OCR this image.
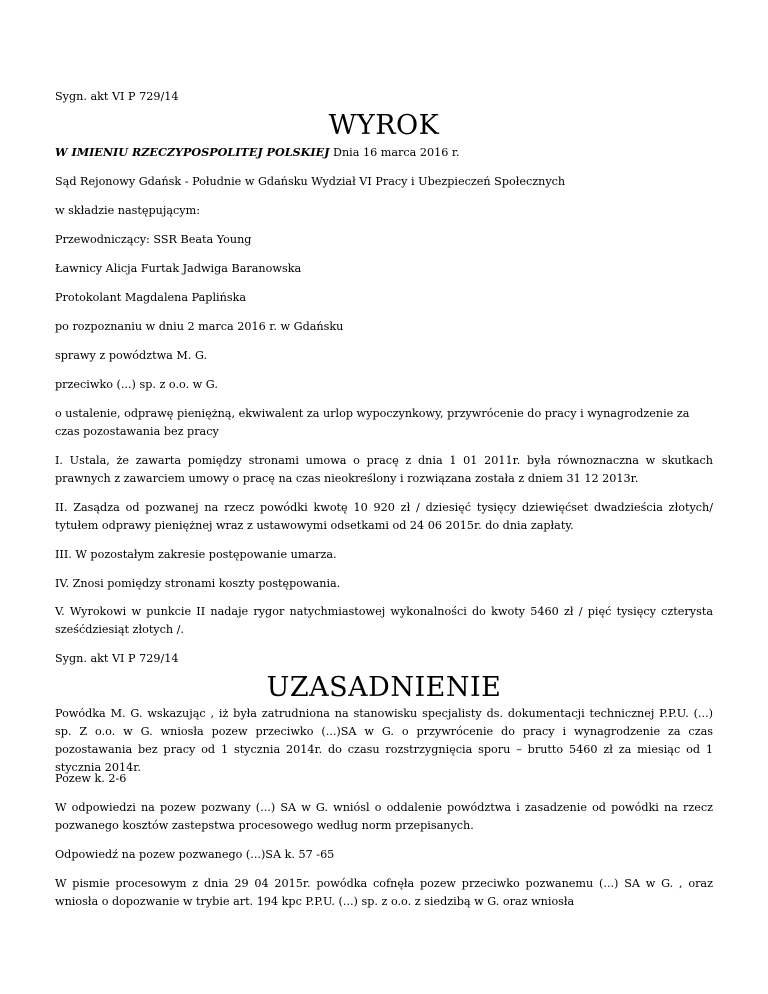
Sygn. akt VI P 729/14

WYROK

W IMIENIU RZECZYPOSPOLITEJ POLSKIEJ Dnia 16 marca 2016 r.

Sąd Rejonowy Gdańsk - Południe w Gdańsku Wydział VI Pracy i Ubezpieczeń Społecznych

w składzie następującym:

Przewodniczący: SSR Beata Young

Ławnicy Alicja Furtak Jadwiga Baranowska

Protokolant Magdalena Paplińska

po rozpoznaniu w dniu 2 marca 2016 r. w Gdańsku

sprawy z powództwa M. G.

przeciwko (...) sp. z o.o. w G.

o ustalenie, odprawę pieniężną, ekwiwalent za urlop wypoczynkowy, przywrócenie do pracy i wynagrodzenie za czas pozostawania bez pracy

I. Ustala, że zawarta pomiędzy stronami umowa o pracę z dnia 1 01 2011r. była równoznaczna w skutkach prawnych z zawarciem umowy o pracę na czas nieokreślony i rozwiązana została z dniem 31 12 2013r.

II. Zasądza od pozwanej na rzecz powódki kwotę 10 920 zł / dziesięć tysięcy dziewięćset dwadzieścia złotych/ tytułem odprawy pieniężnej wraz z ustawowymi odsetkami od 24 06 2015r. do dnia zapłaty.

III. W pozostałym zakresie postępowanie umarza.

IV. Znosi pomiędzy stronami koszty postępowania.

V. Wyrokowi w punkcie II nadaje rygor natychmiastowej wykonalności do kwoty 5460 zł / pięć tysięcy czterysta sześćdziesiąt złotych /.

Sygn. akt VI P 729/14

UZASADNIENIE

Powódka M. G. wskazując , iż była zatrudniona na stanowisku specjalisty ds. dokumentacji technicznej P.P.U. (...) sp. Z o.o. w G. wniosła pozew przeciwko (...)SA w G. o przywrócenie do pracy i wynagrodzenie za czas pozostawania bez pracy od 1 stycznia 2014r. do czasu rozstrzygnięcia sporu – brutto 5460 zł za miesiąc od 1 stycznia 2014r.

Pozew k. 2-6

W odpowiedzi na pozew pozwany (...) SA w G. wniósl o oddalenie powództwa i zasadzenie od powódki na rzecz pozwanego kosztów zastepstwa procesowego według norm przepisanych.

Odpowiedź na pozew pozwanego (...)SA k. 57 -65

W pismie procesowym z dnia 29 04 2015r. powódka cofnęła pozew przeciwko pozwanemu (...) SA w G. , oraz wniosła o dopozwanie w trybie art. 194 kpc P.P.U. (...) sp. z o.o. z siedzibą w G. oraz wniosła
